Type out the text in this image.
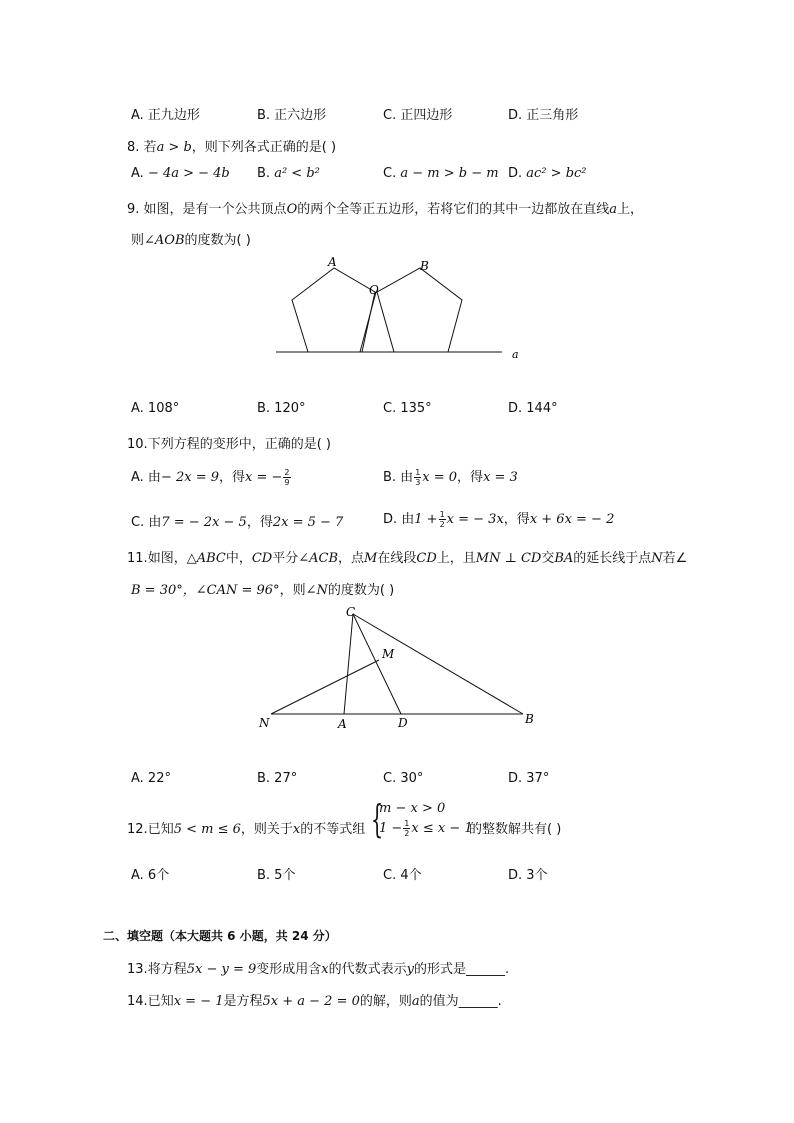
A. 正九边形	B. 正六边形	C. 正四边形	D. 正三角形
8. 若a > b，则下列各式正确的是( )
A. − 4a > − 4b B. a² < b²	C. a − m > b − m D. ac² > bc²
9. 如图，是有一个公共顶点O的两个全等正五边形，若将它们的其中一边都放在直线a上，
则∠AOB的度数为( )
A
O
B
a
A. 108°	B. 120°	C. 135°	D. 144°
10.下列方程的变形中，正确的是( )
A. 由− 2x = 9，得x = − $\frac{2}{9}$	B. 由 $\frac{1}{3}$ x = 0，得x = 3
C. 由7 = − 2x − 5，得2x = 5 − 7	D. 由$1 + \frac{1}{2}$ x = − 3x，得x + 6x = − 2
11.如图，△ABC中，CD平分∠ACB，点M在线段CD上，且MN ⊥ CD交BA的延长线于点N若∠
B = 30°，∠CAN = 96°，则∠N的度数为( )
C
M
N	A	D	B
A. 22°	B. 27°	C. 30°	D. 37°
12.已知5 < m ≤ 6，则关于x的不等式组 {
m − x > 0
$1 - \frac{1}{2}$ x ≤ x − 1
的整数解共有( )
A. 6个	B. 5个	C. 4个	D. 3个
二、填空题（本大题共 6 小题，共 24 分）
13.将方程5x − y = 9变形成用含x的代数式表示y的形式是______.
14.已知x = − 1是方程5x + a − 2 = 0的解，则a的值为______.
